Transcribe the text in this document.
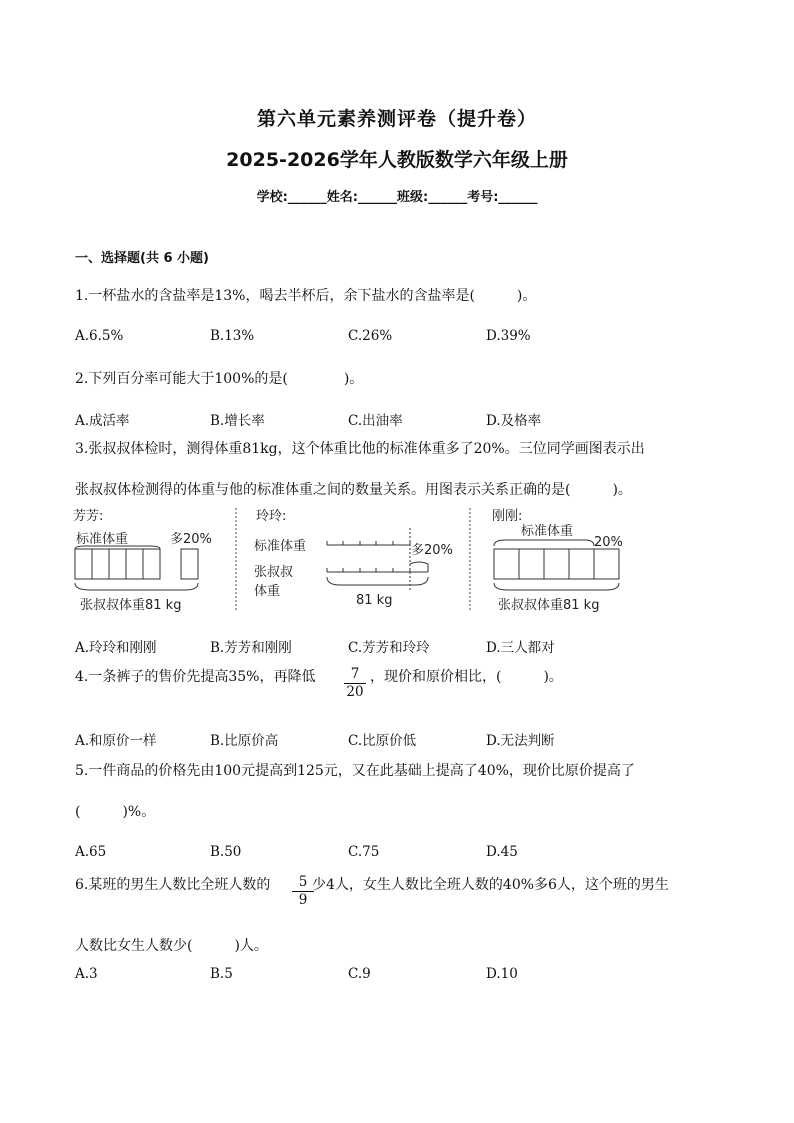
第六单元素养测评卷（提升卷）
2025-2026学年人教版数学六年级上册
学校:______姓名:______班级:______考号:______
一、选择题(共 6 小题)
1.一杯盐水的含盐率是13%，喝去半杯后，余下盐水的含盐率是(　　　)。
A.6.5%	B.13%	C.26%	D.39%
2.下列百分率可能大于100%的是(　　　　)。
A.成活率	B.增长率	C.出油率	D.及格率
3.张叔叔体检时，测得体重81kg，这个体重比他的标准体重多了20%。三位同学画图表示出
张叔叔体检测得的体重与他的标准体重之间的数量关系。用图表示关系正确的是(　　　)。
芳芳:
标准体重	多20%
张叔叔体重81 kg
玲玲:
标准体重	多20%
张叔叔
体重
81 kg
刚刚:
标准体重
20%
张叔叔体重81 kg
A.玲玲和刚刚	B.芳芳和刚刚	C.芳芳和玲玲	D.三人都对
4.一条裤子的售价先提高35%，再降低 $\frac{7}{20}$ ，现价和原价相比，(　　　)。
A.和原价一样	B.比原价高	C.比原价低	D.无法判断
5.一件商品的价格先由100元提高到125元，又在此基础上提高了40%，现价比原价提高了
(　　　)%。
A.65	B.50	C.75	D.45
6.某班的男生人数比全班人数的 $\frac{5}{9}$
少4人，女生人数比全班人数的40%多6人，这个班的男生
人数比女生人数少(　　　)人。
A.3	B.5	C.9	D.10
